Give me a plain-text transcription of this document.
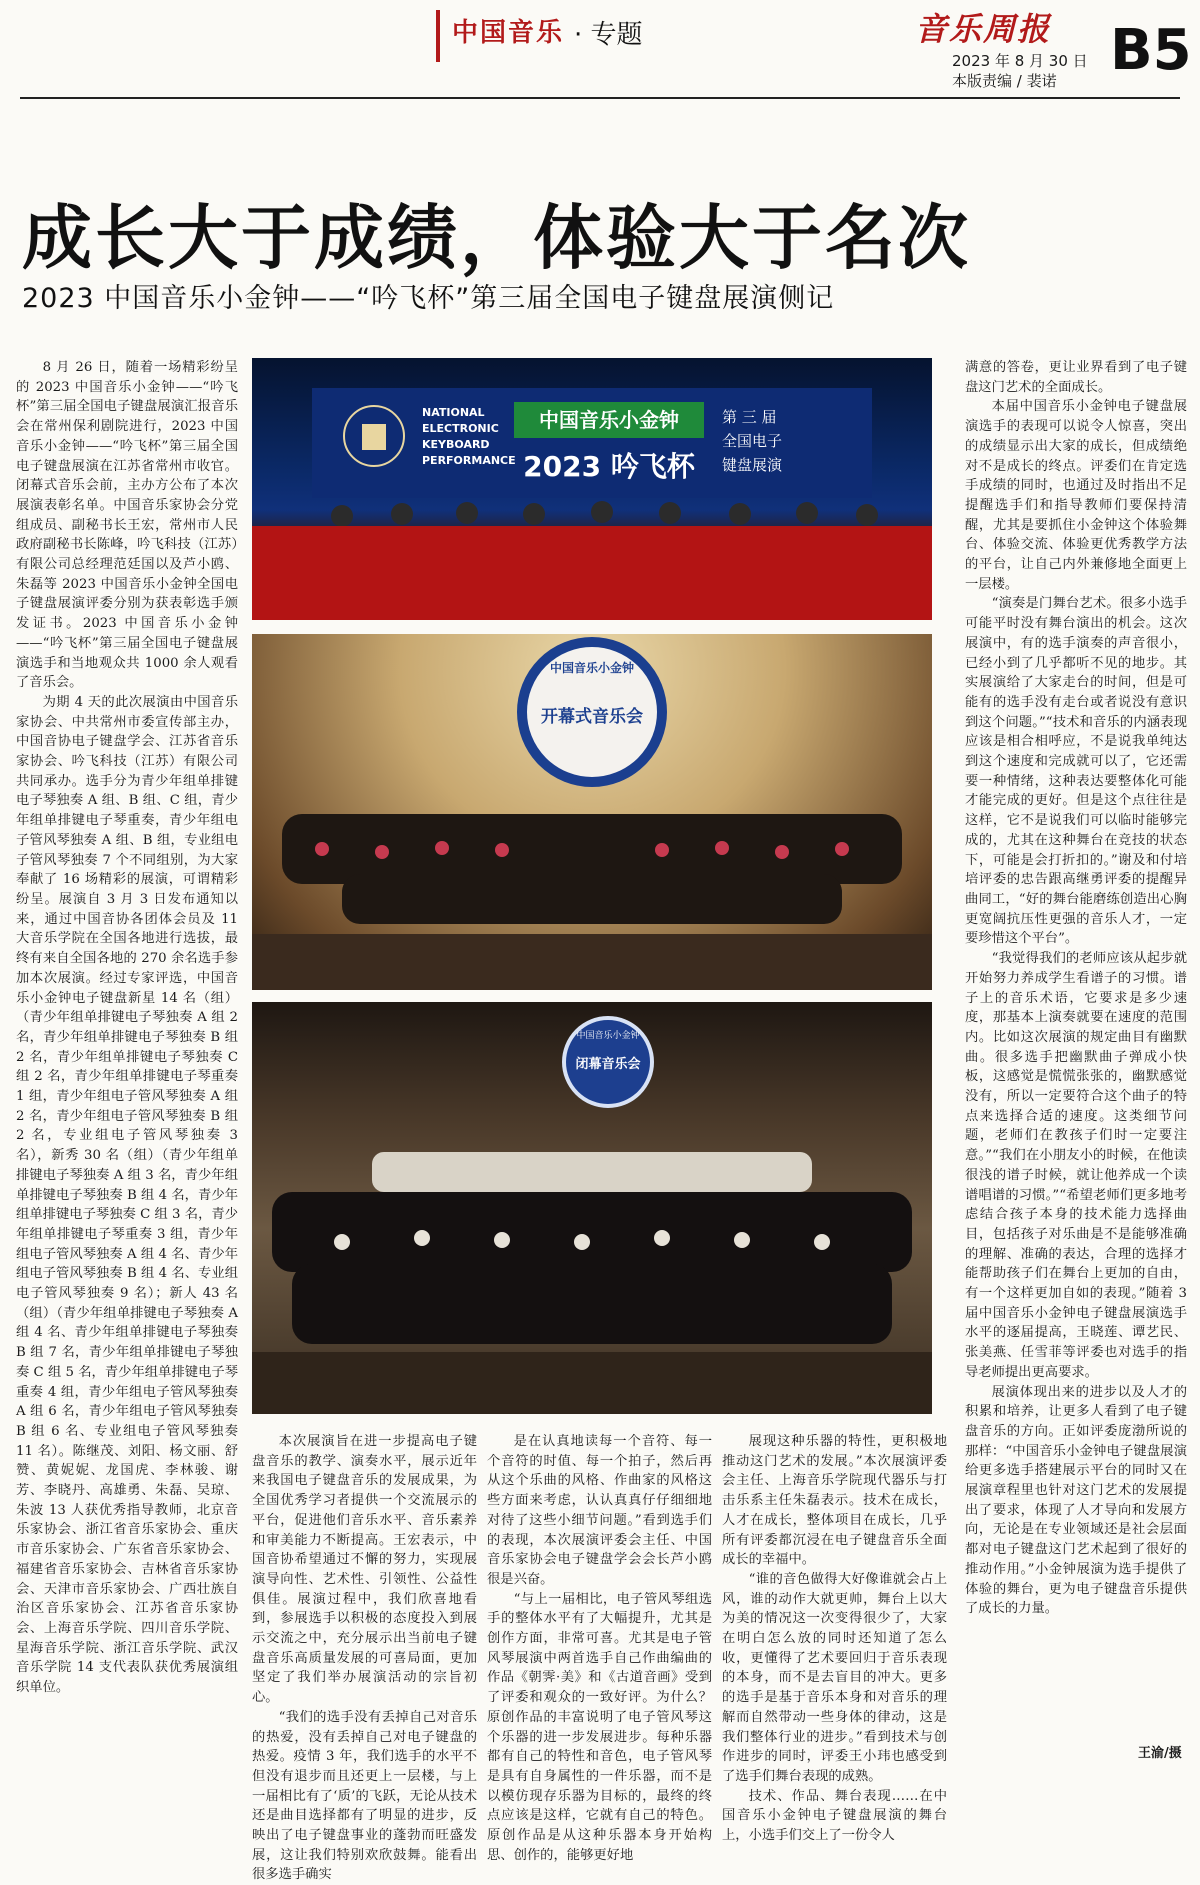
中国音乐 · 专题	音乐周报
2023 年 8 月 30 日
本版责编 / 裴诺 B5
成长大于成绩，体验大于名次
2023 中国音乐小金钟——“吟飞杯”第三届全国电子键盘展演侧记

8 月 26 日，随着一场精彩纷呈的 2023 中国音乐小金钟——“吟飞杯”第三届全国电子键盘展演汇报音乐会在常州保利剧院进行，2023 中国音乐小金钟——“吟飞杯”第三届全国电子键盘展演在江苏省常州市收官。闭幕式音乐会前，主办方公布了本次展演表彰名单。中国音乐家协会分党组成员、副秘书长王宏，常州市人民政府副秘书长陈峰，吟飞科技（江苏）有限公司总经理范廷国以及芦小鸥、朱磊等 2023 中国音乐小金钟全国电子键盘展演评委分别为获表彰选手颁发证书。2023 中国音乐小金钟——“吟飞杯”第三届全国电子键盘展演选手和当地观众共 1000 余人观看了音乐会。

为期 4 天的此次展演由中国音乐家协会、中共常州市委宣传部主办，中国音协电子键盘学会、江苏省音乐家协会、吟飞科技（江苏）有限公司共同承办。选手分为青少年组单排键电子琴独奏 A 组、B 组、C 组，青少年组单排键电子琴重奏，青少年组电子管风琴独奏 A 组、B 组，专业组电子管风琴独奏 7 个不同组别，为大家奉献了 16 场精彩的展演，可谓精彩纷呈。展演自 3 月 3 日发布通知以来，通过中国音协各团体会员及 11 大音乐学院在全国各地进行选拔，最终有来自全国各地的 270 余名选手参加本次展演。经过专家评选，中国音乐小金钟电子键盘新星 14 名（组）（青少年组单排键电子琴独奏 A 组 2 名，青少年组单排键电子琴独奏 B 组 2 名，青少年组单排键电子琴独奏 C 组 2 名，青少年组单排键电子琴重奏 1 组，青少年组电子管风琴独奏 A 组 2 名，青少年组电子管风琴独奏 B 组 2 名，专业组电子管风琴独奏 3 名），新秀 30 名（组）（青少年组单排键电子琴独奏 A 组 3 名，青少年组单排键电子琴独奏 B 组 4 名，青少年组单排键电子琴独奏 C 组 3 名，青少年组单排键电子琴重奏 3 组，青少年组电子管风琴独奏 A 组 4 名、青少年组电子管风琴独奏 B 组 4 名、专业组电子管风琴独奏 9 名）；新人 43 名（组）（青少年组单排键电子琴独奏 A 组 4 名、青少年组单排键电子琴独奏 B 组 7 名，青少年组单排键电子琴独奏 C 组 5 名，青少年组单排键电子琴重奏 4 组，青少年组电子管风琴独奏 A 组 6 名，青少年组电子管风琴独奏 B 组 6 名、专业组电子管风琴独奏 11 名）。陈继茂、刘阳、杨文丽、舒赞、黄妮妮、龙国虎、李林骏、谢芳、李晓丹、高雄勇、朱磊、吴琼、朱波 13 人获优秀指导教师，北京音乐家协会、浙江省音乐家协会、重庆市音乐家协会、广东省音乐家协会、福建省音乐家协会、吉林省音乐家协会、天津市音乐家协会、广西壮族自治区音乐家协会、江苏省音乐家协会、上海音乐学院、四川音乐学院、星海音乐学院、浙江音乐学院、武汉音乐学院 14 支代表队获优秀展演组织单位。

NATIONAL
ELECTRONIC
KEYBOARD
PERFORMANCE
中国音乐小金钟
2023 吟飞杯
第 三 届
全国电子
键盘展演
中国音乐小金钟
开幕式音乐会
中国音乐小金钟
闭幕音乐会

本次展演旨在进一步提高电子键盘音乐的教学、演奏水平，展示近年来我国电子键盘音乐的发展成果，为全国优秀学习者提供一个交流展示的平台，促进他们音乐水平、音乐素养和审美能力不断提高。王宏表示，中国音协希望通过不懈的努力，实现展演导向性、艺术性、引领性、公益性俱佳。展演过程中，我们欣喜地看到，参展选手以积极的态度投入到展示交流之中，充分展示出当前电子键盘音乐高质量发展的可喜局面，更加坚定了我们举办展演活动的宗旨初心。

“我们的选手没有丢掉自己对音乐的热爱，没有丢掉自己对电子键盘的热爱。疫情 3 年，我们选手的水平不但没有退步而且还更上一层楼，与上一届相比有了‘质’的飞跃，无论从技术还是曲目选择都有了明显的进步，反映出了电子键盘事业的蓬勃而旺盛发展，这让我们特别欢欣鼓舞。能看出很多选手确实

是在认真地读每一个音符、每一个音符的时值、每一个拍子，然后再从这个乐曲的风格、作曲家的风格这些方面来考虑，认认真真仔仔细细地对待了这些小细节问题。”看到选手们的表现，本次展演评委会主任、中国音乐家协会电子键盘学会会长芦小鸥很是兴奋。

“与上一届相比，电子管风琴组选手的整体水平有了大幅提升，尤其是创作方面，非常可喜。尤其是电子管风琴展演中两首选手自己作曲编曲的作品《朝霁·美》和《古道音画》受到了评委和观众的一致好评。为什么？原创作品的丰富说明了电子管风琴这个乐器的进一步发展进步。每种乐器都有自己的特性和音色，电子管风琴是具有自身属性的一件乐器，而不是以模仿现存乐器为目标的，最终的终点应该是这样，它就有自己的特色。原创作品是从这种乐器本身开始构思、创作的，能够更好地

展现这种乐器的特性，更积极地推动这门艺术的发展。”本次展演评委会主任、上海音乐学院现代器乐与打击乐系主任朱磊表示。技术在成长，人才在成长，整体项目在成长，几乎所有评委都沉浸在电子键盘音乐全面成长的幸福中。

“谁的音色做得大好像谁就会占上风，谁的动作大就更帅，舞台上以大为美的情况这一次变得很少了，大家在明白怎么放的同时还知道了怎么收，更懂得了艺术要回归于音乐表现的本身，而不是去盲目的冲大。更多的选手是基于音乐本身和对音乐的理解而自然带动一些身体的律动，这是我们整体行业的进步。”看到技术与创作进步的同时，评委王小玮也感受到了选手们舞台表现的成熟。

技术、作品、舞台表现……在中国音乐小金钟电子键盘展演的舞台上，小选手们交上了一份令人

满意的答卷，更让业界看到了电子键盘这门艺术的全面成长。

本届中国音乐小金钟电子键盘展演选手的表现可以说令人惊喜，突出的成绩显示出大家的成长，但成绩绝对不是成长的终点。评委们在肯定选手成绩的同时，也通过及时指出不足提醒选手们和指导教师们要保持清醒，尤其是要抓住小金钟这个体验舞台、体验交流、体验更优秀教学方法的平台，让自己内外兼修地全面更上一层楼。

“演奏是门舞台艺术。很多小选手可能平时没有舞台演出的机会。这次展演中，有的选手演奏的声音很小，已经小到了几乎都听不见的地步。其实展演给了大家走台的时间，但是可能有的选手没有走台或者说没有意识到这个问题。”“技术和音乐的内涵表现应该是相合相呼应，不是说我单纯达到这个速度和完成就可以了，它还需要一种情绪，这种表达要整体化可能才能完成的更好。但是这个点往往是这样，它不是说我们可以临时能够完成的，尤其在这种舞台在竞技的状态下，可能是会打折扣的。”谢及和付培培评委的忠告跟高继勇评委的提醒异曲同工，“好的舞台能磨练创造出心胸更宽阔抗压性更强的音乐人才，一定要珍惜这个平台”。

“我觉得我们的老师应该从起步就开始努力养成学生看谱子的习惯。谱子上的音乐术语，它要求是多少速度，那基本上演奏就要在速度的范围内。比如这次展演的规定曲目有幽默曲。很多选手把幽默曲子弹成小快板，这感觉是慌慌张张的，幽默感觉没有，所以一定要符合这个曲子的特点来选择合适的速度。这类细节问题，老师们在教孩子们时一定要注意。”“我们在小朋友小的时候，在他读很浅的谱子时候，就让他养成一个读谱唱谱的习惯。”“希望老师们更多地考虑结合孩子本身的技术能力选择曲目，包括孩子对乐曲是不是能够准确的理解、准确的表达，合理的选择才能帮助孩子们在舞台上更加的自由，有一个这样更加自如的表现。”随着 3 届中国音乐小金钟电子键盘展演选手水平的逐届提高，王晓莲、谭艺民、张美燕、任雪菲等评委也对选手的指导老师提出更高要求。

展演体现出来的进步以及人才的积累和培养，让更多人看到了电子键盘音乐的方向。正如评委庞渤所说的那样：“中国音乐小金钟电子键盘展演给更多选手搭建展示平台的同时又在展演章程里也针对这门艺术的发展提出了要求，体现了人才导向和发展方向，无论是在专业领域还是社会层面都对电子键盘这门艺术起到了很好的推动作用。”小金钟展演为选手提供了体验的舞台，更为电子键盘音乐提供了成长的力量。

王渝/摄
